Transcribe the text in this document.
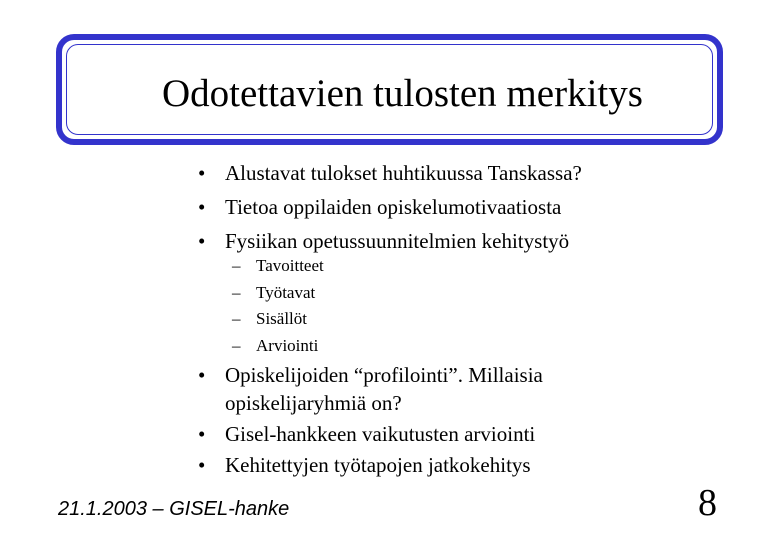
Odotettavien tulosten merkitys
• Alustavat tulokset huhtikuussa Tanskassa?
• Tietoa oppilaiden opiskelumotivaatiosta
• Fysiikan opetussuunnitelmien kehitystyö
– Tavoitteet
– Työtavat
– Sisällöt
– Arviointi
• Opiskelijoiden “profilointi”. Millaisia opiskelijaryhmiä on?
• Gisel-hankkeen vaikutusten arviointi
• Kehitettyjen työtapojen jatkokehitys
21.1.2003 – GISEL-hanke	8
